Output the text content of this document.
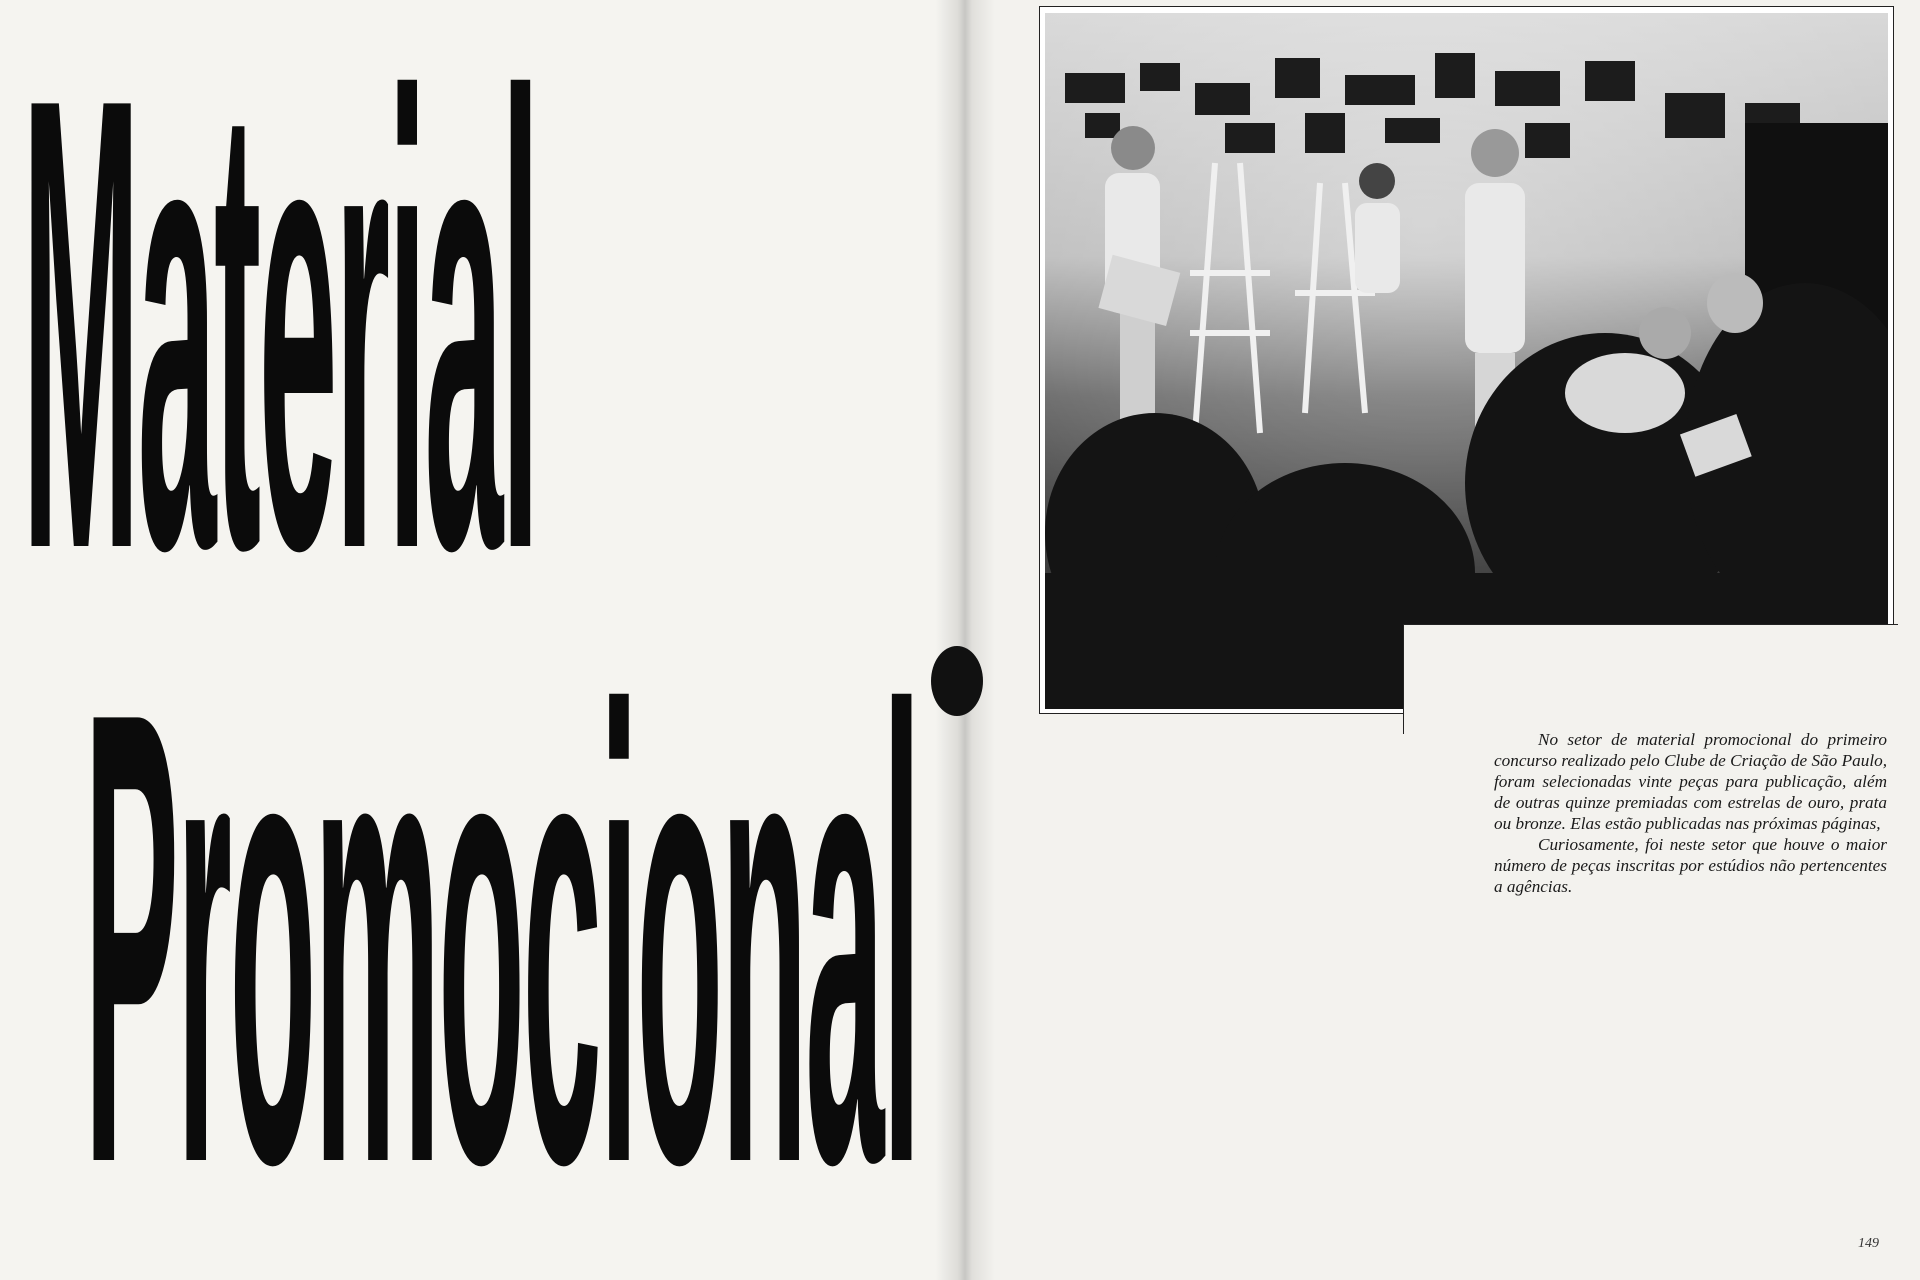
Material
Promocional	No setor de material promocional do primeiro concurso realizado pelo Clube de Criação de São Paulo, foram selecionadas vinte peças para publicação, além de outras quinze premiadas com estrelas de ouro, prata ou bronze. Elas estão publicadas nas próximas páginas,

Curiosamente, foi neste setor que houve o maior número de peças inscritas por estúdios não pertencentes a agências.

149
